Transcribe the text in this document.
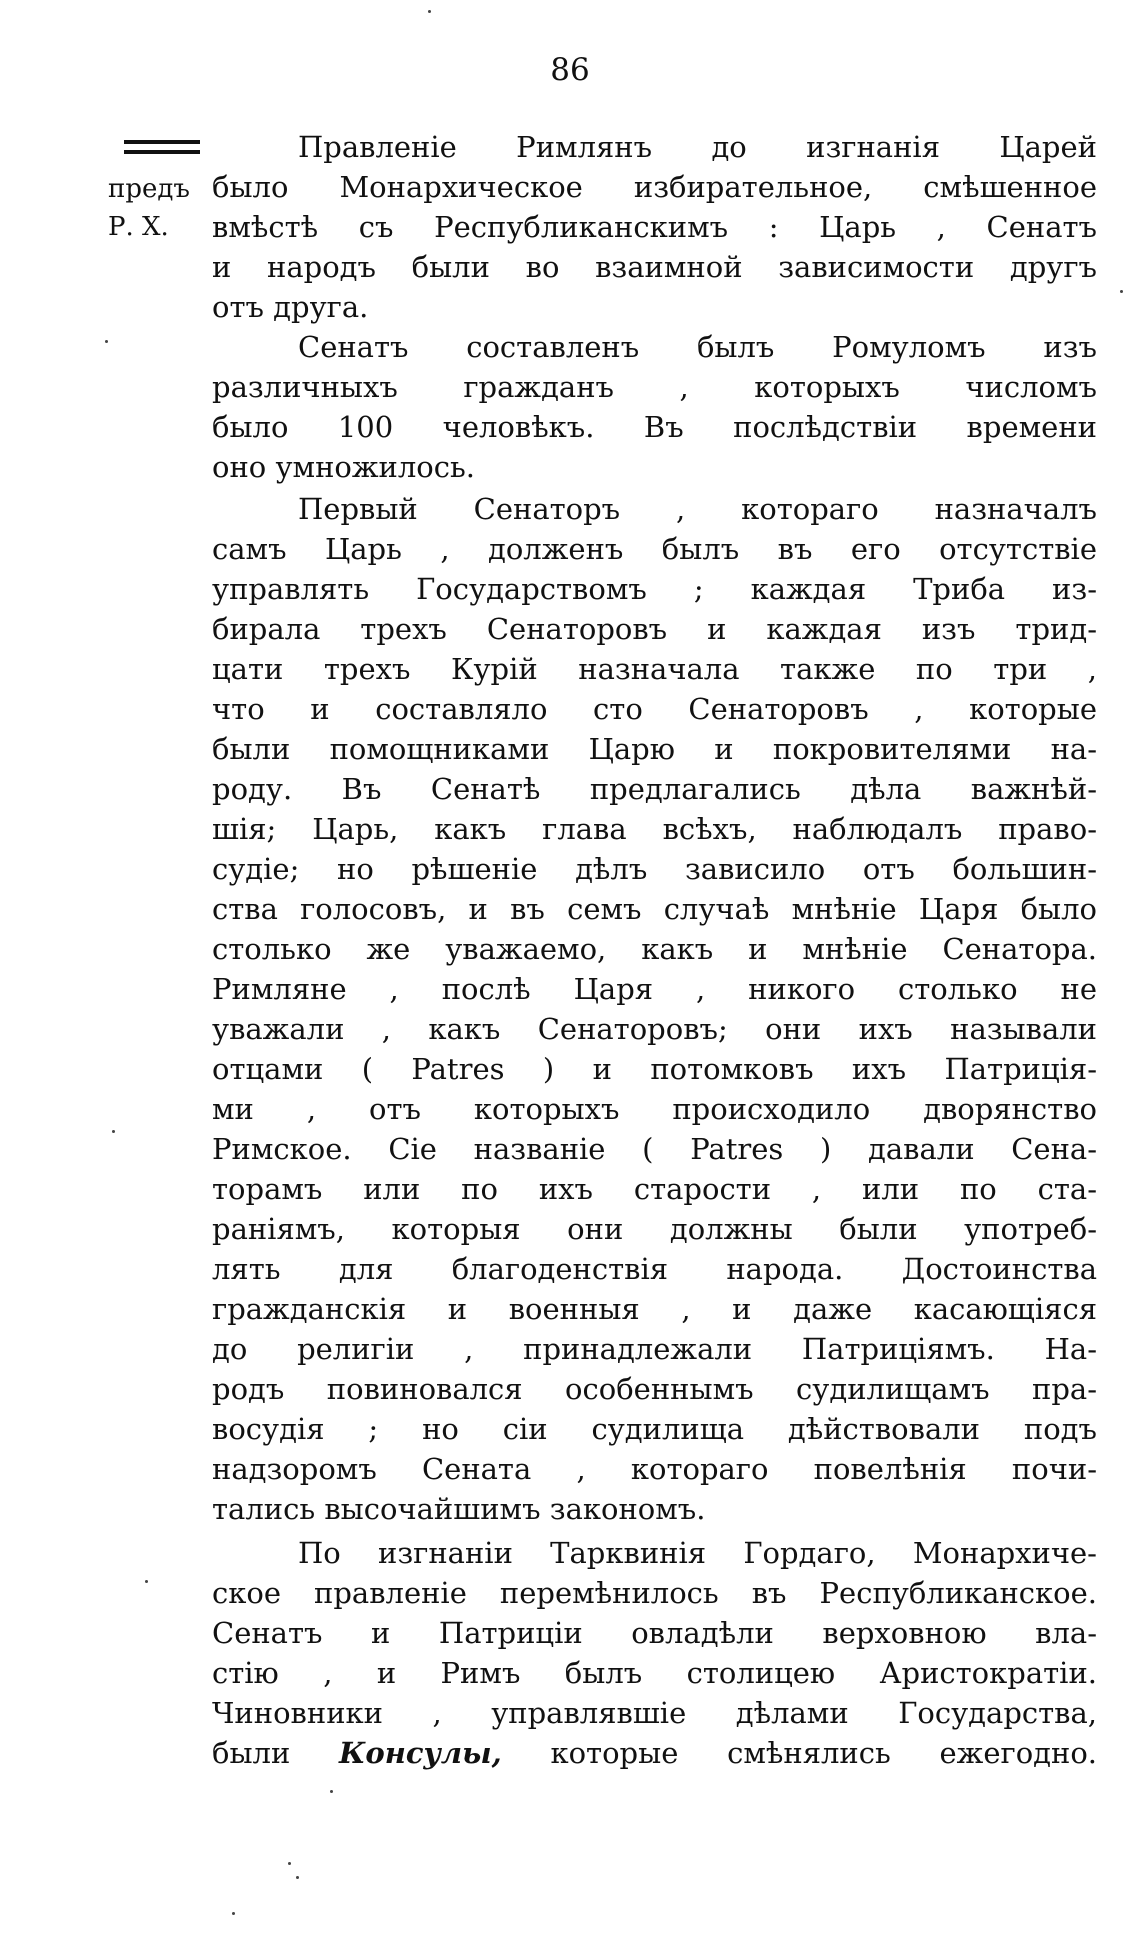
86
предъ
Р. Х.
Правленіе Римлянъ до изгнанія Царей
было Монархическое избирательное, смѣшенное
вмѣстѣ съ Республиканскимъ : Царь , Сенатъ
и народъ были во взаимной зависимости другъ
отъ друга.
Сенатъ составленъ былъ Ромуломъ изъ
различныхъ гражданъ , которыхъ числомъ
было 100 человѣкъ. Въ послѣдствіи времени
оно умножилось.
Первый Сенаторъ , котораго назначалъ
самъ Царь , долженъ былъ въ его отсутствіе
управлять Государствомъ ; каждая Триба из-
бирала трехъ Сенаторовъ и каждая изъ трид-
цати трехъ Курій назначала также по три ,
что и составляло сто Сенаторовъ , которые
были помощниками Царю и покровителями на-
роду. Въ Сенатѣ предлагались дѣла важнѣй-
шія; Царь, какъ глава всѣхъ, наблюдалъ право-
судіе; но рѣшеніе дѣлъ зависило отъ большин-
ства голосовъ, и въ семъ случаѣ мнѣніе Царя было
столько же уважаемо, какъ и мнѣніе Сенатора.
Римляне , послѣ Царя , никого столько не
уважали , какъ Сенаторовъ; они ихъ называли
отцами ( Patres ) и потомковъ ихъ Патриція-
ми , отъ которыхъ происходило дворянство
Римское. Сіе названіе ( Patres ) давали Сена-
торамъ или по ихъ старости , или по ста-
раніямъ, которыя они должны были употреб-
лять для благоденствія народа. Достоинства
гражданскія и военныя , и даже касающіяся
до религіи , принадлежали Патриціямъ. На-
родъ повиновался особеннымъ судилищамъ пра-
восудія ; но сіи судилища дѣйствовали подъ
надзоромъ Сената , котораго повелѣнія почи-
тались высочайшимъ закономъ.
По изгнаніи Тарквинія Гордаго, Монархиче-
ское правленіе перемѣнилось въ Республиканское.
Сенатъ и Патриціи овладѣли верховною вла-
стію , и Римъ былъ столицею Аристократіи.
Чиновники , управлявшіе дѣлами Государства,
были Консулы, которые смѣнялись ежегодно.
